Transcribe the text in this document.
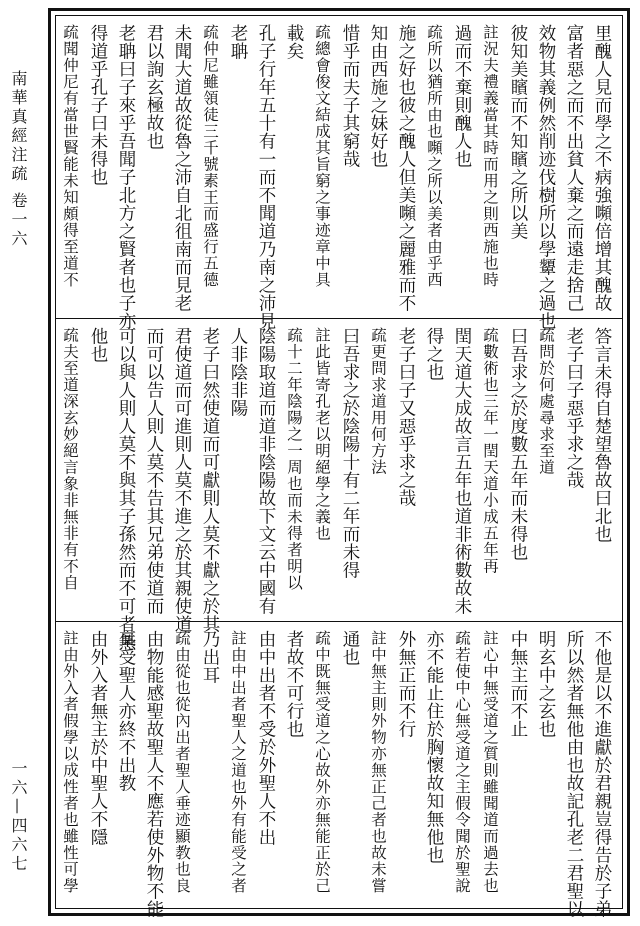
南華真經注疏 卷一六
一六—四六七
里醜人見而學之不病強嚬倍增其醜故
富者惡之而不出貧人棄之而遠走捨己
效物其義例然削迹伐樹所以學顰之過也
彼知美矉而不知矉之所以美
註況夫禮義當其時而用之則西施也時
過而不棄則醜人也
疏所以猶所由也嚬之所以美者由乎西
施之好也彼之醜人但美嚬之麗雅而不
知由西施之妹好也
惜乎而夫子其窮哉
疏總會俊文結成其旨窮之事迹章中具
載矣
孔子行年五十有一而不聞道乃南之沛見
老聃
疏仲尼雖領徒三千號素王而盛行五德
未聞大道故從魯之沛自北徂南而見老
君以詢玄極故也
老聃曰子來乎吾聞子北方之賢者也子亦
得道乎孔子曰未得也
疏聞仲尼有當世賢能未知頗得至道不
答言未得自楚望魯故曰北也
老子曰子惡乎求之哉
疏問於何處尋求至道
曰吾求之於度數五年而未得也
疏數術也三年一閏天道小成五年再
閏天道大成故言五年也道非術數故未
得之也
老子曰子又惡乎求之哉
疏更問求道用何方法
曰吾求之於陰陽十有二年而未得
註此皆寄孔老以明絕學之義也
疏十二年陰陽之一周也而未得者明以
陰陽取道而道非陰陽故下文云中國有
人非陰非陽
老子曰然使道而可獻則人莫不獻之於其
君使道而可進則人莫不進之於其親使道
而可以告人則人莫不告其兄弟使道而
可以與人則人莫不與其子孫然而不可者無
他也
疏夫至道深玄妙絕言象非無非有不自
不他是以不進獻於君親豈得告於子弟
所以然者無他由也故記孔老二君聖以
明玄中之玄也
中無主而不止
註心中無受道之質則雖聞道而過去也
疏若使中心無受道之主假令聞於聖說
亦不能止住於胸懷故知無他也
外無正而不行
註中無主則外物亦無正己者也故未嘗
通也
疏中既無受道之心故外亦無能正於己
者故不可行也
由中出者不受於外聖人不出
註由中出者聖人之道也外有能受之者
乃出耳
疏由從也從內出者聖人垂迹顯教也良
由物能感聖故聖人不應若使外物不能
稟受聖人亦終不出教
由外入者無主於中聖人不隱
註由外入者假學以成性者也雖性可學
